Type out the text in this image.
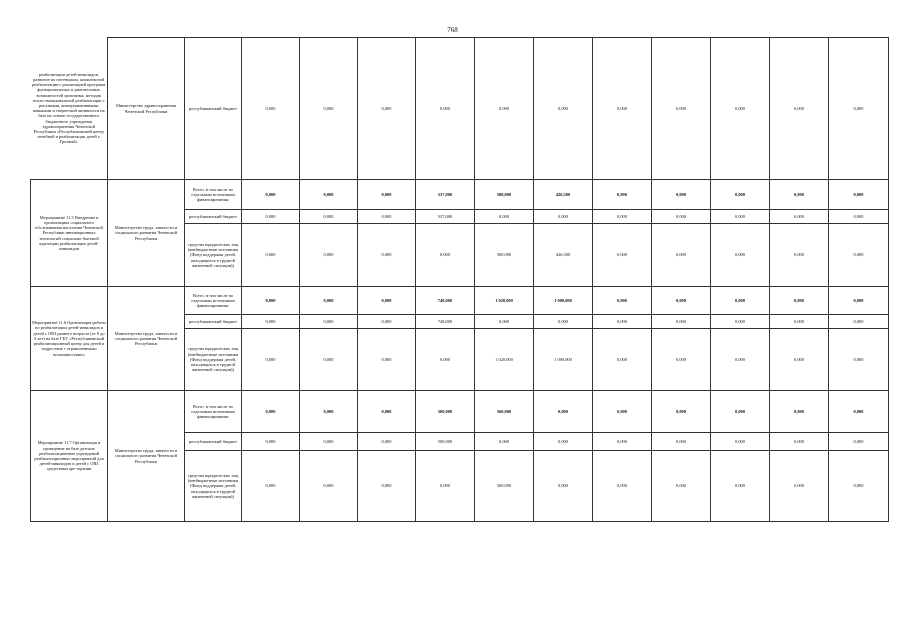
768
реабилитации детей-инвалидов, развитие их потенциала, комплексной реабилитации с реализацией программ функциональных и двигательных возможностей организма, методик психо-эмоциональной реабилитации с рисунками, коммуникативными навыками и творческой активности на базе на основе государственного бюджетного учреждения здравоохранения Чеченской Республики «Республиканский центр лечебной и реабилитации детей г. Грозный»	Министерство здравоохранения Чеченской Республики	республиканский бюджет	0,000	0,000	0,000	0,000	0,000	0,000	0,000	0,000	0,000	0,000	0,000
Мероприятие 11.5 Внедрение в организациях социального обслуживания населения Чеченской Республики инновационных технологий социально-бытовой адаптации реабилитации детей-инвалидов	Министерство труда, занятости и социального развития Чеченской Республики	Всего, в том числе по отдельным источникам финансирования:	0,000	0,000	0,000	537,000	500,000	426,500	0,000	0,000	0,000	0,000	0,000
		республиканский бюджет	0,000	0,000	0,000	537,000	0,000	0,000	0,000	0,000	0,000	0,000	0,000
		средства юридических лиц (внебюджетные источники (Фонд поддержки детей, находящихся в трудной жизненной ситуации))	0,000	0,000	0,000	0,000	500,000	426,500	0,000	0,000	0,000	0,000	0,000
Мероприятие 11.6 Организация работы по реабилитации детей-инвалидов и детей с ОВЗ раннего возраста (от 0 до 3 лет) на базе ГБУ «Республиканский реабилитационный центр для детей и подростков с ограниченными возможностями»	Министерство труда, занятости и социального развития Чеченской Республики	Всего, в том числе по отдельным источникам финансирования:	0,000	0,000	0,000	748,000	1 020,000	1 000,000	0,000	0,000	0,000	0,000	0,000
		республиканский бюджет	0,000	0,000	0,000	748,000	0,000	0,000	0,000	0,000	0,000	0,000	0,000
		средства юридических лиц (внебюджетные источники (Фонд поддержки детей, находящихся в трудной жизненной ситуации))	0,000	0,000	0,000	0,000	1 020,000	1 000,000	0,000	0,000	0,000	0,000	0,000
Мероприятие 11.7 Организация и проведение на базе детских реабилитационных учреждений реабилитационных мероприятий для детей-инвалидов и детей с ОВЗ средствами арт-терапии	Министерство труда, занятости и социального развития Чеченской Республики	Всего, в том числе по отдельным источникам финансирования:	0,000	0,000	0,000	500,000	560,000	0,000	0,000	0,000	0,000	0,000	0,000
		республиканский бюджет	0,000	0,000	0,000	500,000	0,000	0,000	0,000	0,000	0,000	0,000	0,000
		средства юридических лиц (внебюджетные источники (Фонд поддержки детей, находящихся в трудной жизненной ситуации))	0,000	0,000	0,000	0,000	560,000	0,000	0,000	0,000	0,000	0,000	0,000
